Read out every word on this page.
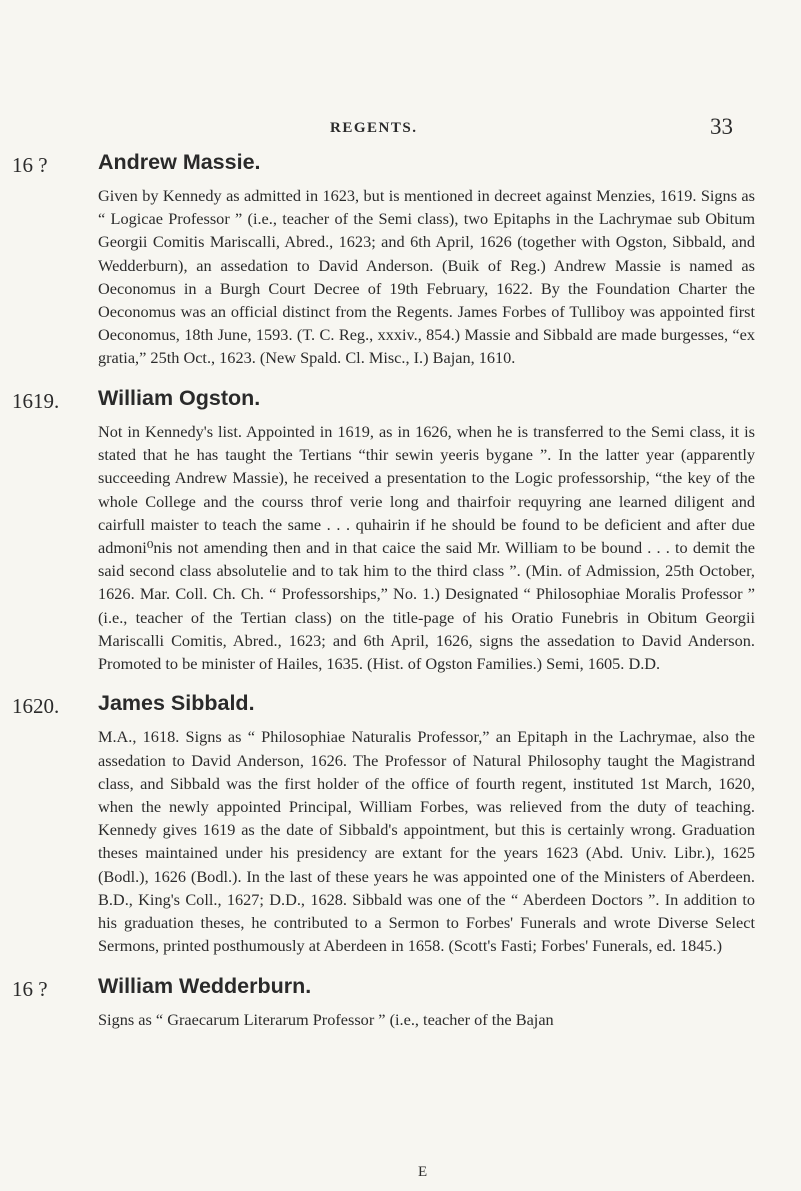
REGENTS.	33
16 ? Andrew Massie.

Given by Kennedy as admitted in 1623, but is mentioned in decreet against Menzies, 1619. Signs as “ Logicae Professor ” (i.e., teacher of the Semi class), two Epitaphs in the Lachrymae sub Obitum Georgii Comitis Mariscalli, Abred., 1623; and 6th April, 1626 (together with Ogston, Sibbald, and Wedderburn), an assedation to David Anderson. (Buik of Reg.) Andrew Massie is named as Oeconomus in a Burgh Court Decree of 19th February, 1622. By the Foundation Charter the Oeconomus was an official distinct from the Regents. James Forbes of Tulliboy was appointed first Oeconomus, 18th June, 1593. (T. C. Reg., xxxiv., 854.) Massie and Sibbald are made burgesses, “ex gratia,” 25th Oct., 1623. (New Spald. Cl. Misc., I.) Bajan, 1610.

1619. William Ogston.

Not in Kennedy's list. Appointed in 1619, as in 1626, when he is transferred to the Semi class, it is stated that he has taught the Tertians “thir sewin yeeris bygane ”. In the latter year (apparently succeeding Andrew Massie), he received a presentation to the Logic professorship, “the key of the whole College and the courss throf verie long and thairfoir requyring ane learned diligent and cairfull maister to teach the same . . . quhairin if he should be found to be deficient and after due admoni⁰nis not amending then and in that caice the said Mr. William to be bound . . . to demit the said second class absolutelie and to tak him to the third class ”. (Min. of Admission, 25th October, 1626. Mar. Coll. Ch. Ch. “ Professorships,” No. 1.) Designated “ Philosophiae Moralis Professor ” (i.e., teacher of the Tertian class) on the title-page of his Oratio Funebris in Obitum Georgii Mariscalli Comitis, Abred., 1623; and 6th April, 1626, signs the assedation to David Anderson. Promoted to be minister of Hailes, 1635. (Hist. of Ogston Families.) Semi, 1605. D.D.

1620. James Sibbald.

M.A., 1618. Signs as “ Philosophiae Naturalis Professor,” an Epitaph in the Lachrymae, also the assedation to David Anderson, 1626. The Professor of Natural Philosophy taught the Magistrand class, and Sibbald was the first holder of the office of fourth regent, instituted 1st March, 1620, when the newly appointed Principal, William Forbes, was relieved from the duty of teaching. Kennedy gives 1619 as the date of Sibbald's appointment, but this is certainly wrong. Graduation theses maintained under his presidency are extant for the years 1623 (Abd. Univ. Libr.), 1625 (Bodl.), 1626 (Bodl.). In the last of these years he was appointed one of the Ministers of Aberdeen. B.D., King's Coll., 1627; D.D., 1628. Sibbald was one of the “ Aberdeen Doctors ”. In addition to his graduation theses, he contributed to a Sermon to Forbes' Funerals and wrote Diverse Select Sermons, printed posthumously at Aberdeen in 1658. (Scott's Fasti; Forbes' Funerals, ed. 1845.)

16 ? William Wedderburn.

Signs as “ Graecarum Literarum Professor ” (i.e., teacher of the Bajan

E
